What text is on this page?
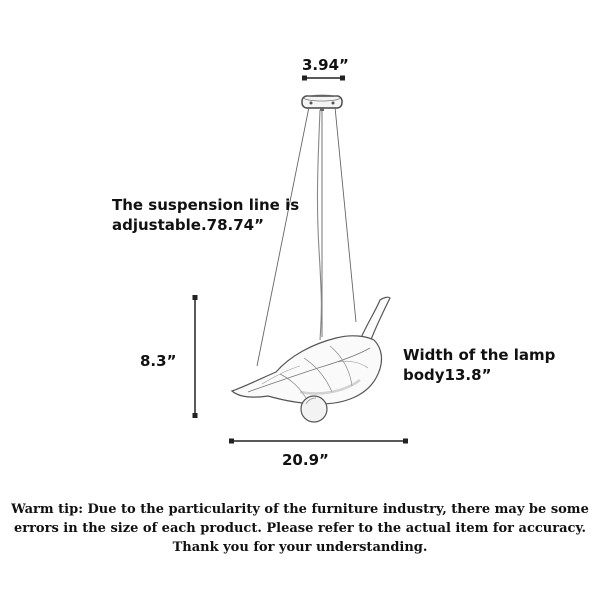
3.94”
The suspension line is
adjustable.78.74”
8.3”	Width of the lamp
body13.8”
20.9”
Warm tip: Due to the particularity of the furniture industry, there may be some errors in the size of each product. Please refer to the actual item for accuracy. Thank you for your understanding.
